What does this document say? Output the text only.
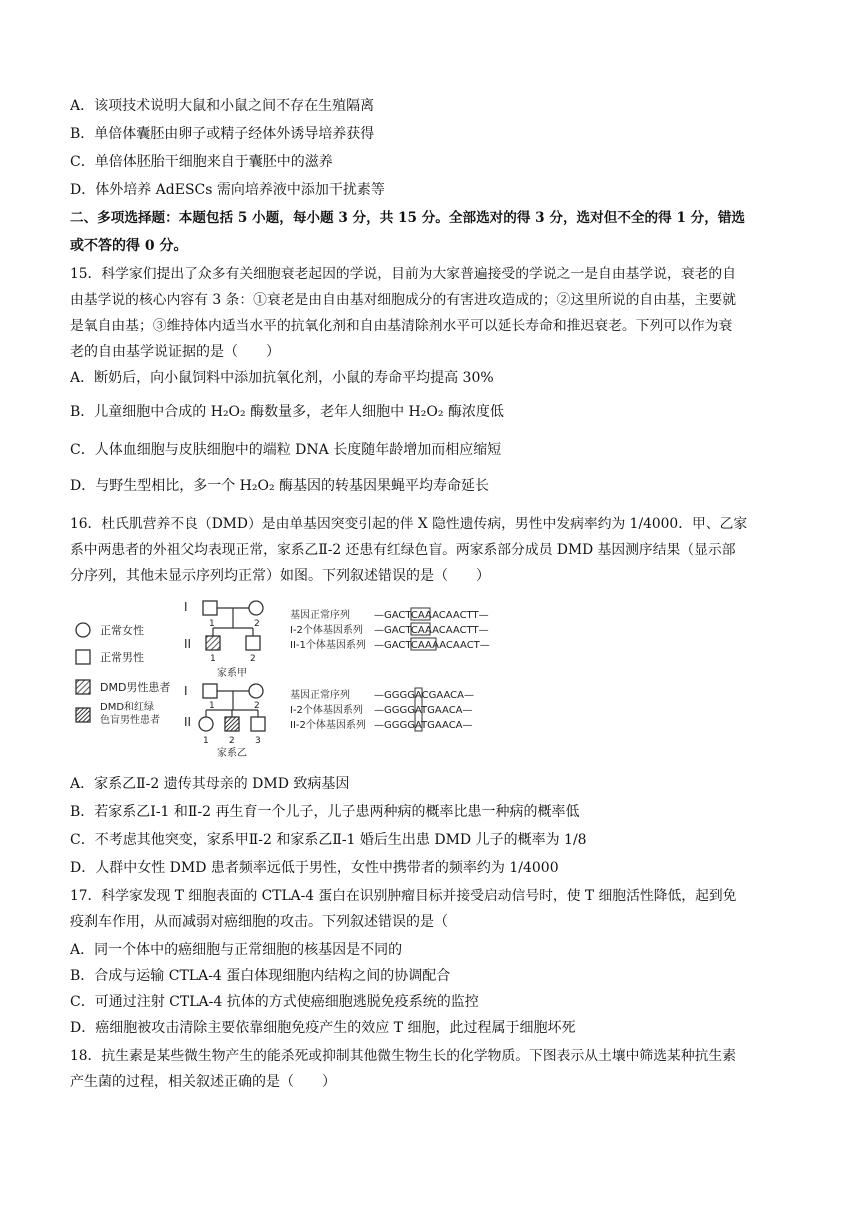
A．该项技术说明大鼠和小鼠之间不存在生殖隔离
B．单倍体囊胚由卵子或精子经体外诱导培养获得
C．单倍体胚胎干细胞来自于囊胚中的滋养
D．体外培养 AdESCs 需向培养液中添加干扰素等
二、多项选择题：本题包括 5 小题，每小题 3 分，共 15 分。全部选对的得 3 分，选对但不全的得 1 分，错选
或不答的得 0 分。
15．科学家们提出了众多有关细胞衰老起因的学说，目前为大家普遍接受的学说之一是自由基学说，衰老的自
由基学说的核心内容有 3 条：①衰老是由自由基对细胞成分的有害进攻造成的；②这里所说的自由基，主要就
是氧自由基；③维持体内适当水平的抗氧化剂和自由基清除剂水平可以延长寿命和推迟衰老。下列可以作为衰
老的自由基学说证据的是（　　）
A．断奶后，向小鼠饲料中添加抗氧化剂，小鼠的寿命平均提高 30%
B．儿童细胞中合成的 H₂O₂ 酶数量多，老年人细胞中 H₂O₂ 酶浓度低
C．人体血细胞与皮肤细胞中的端粒 DNA 长度随年龄增加而相应缩短
D．与野生型相比，多一个 H₂O₂ 酶基因的转基因果蝇平均寿命延长
16．杜氏肌营养不良（DMD）是由单基因突变引起的伴 X 隐性遗传病，男性中发病率约为 1/4000．甲、乙家
系中两患者的外祖父均表现正常，家系乙Ⅱ-2 还患有红绿色盲。两家系部分成员 DMD 基因测序结果（显示部
分序列，其他未显示序列均正常）如图。下列叙述错误的是（　　）
正常女性
正常男性
DMD男性患者
DMD和红绿
色盲男性患者
I
1	2
II
1	2
家系甲
I
1	2
II
1 2 3
家系乙
基因正常序列
I-2个体基因系列
II-1个体基因系列
—GACTCAAACAACTT—
—GACTCAAACAACTT—
—GACTCAAAACAACT—
基因正常序列
I-2个体基因系列
II-2个体基因系列
—GGGGACGAACA—
—GGGGATGAACA—
—GGGGATGAACA—
A．家系乙Ⅱ-2 遗传其母亲的 DMD 致病基因
B．若家系乙Ⅰ-1 和Ⅱ-2 再生育一个儿子，儿子患两种病的概率比患一种病的概率低
C．不考虑其他突变，家系甲Ⅱ-2 和家系乙Ⅱ-1 婚后生出患 DMD 儿子的概率为 1/8
D．人群中女性 DMD 患者频率远低于男性，女性中携带者的频率约为 1/4000
17．科学家发现 T 细胞表面的 CTLA-4 蛋白在识别肿瘤目标并接受启动信号时，使 T 细胞活性降低，起到免
疫刹车作用，从而减弱对癌细胞的攻击。下列叙述错误的是（
A．同一个体中的癌细胞与正常细胞的核基因是不同的
B．合成与运输 CTLA-4 蛋白体现细胞内结构之间的协调配合
C．可通过注射 CTLA-4 抗体的方式使癌细胞逃脱免疫系统的监控
D．癌细胞被攻击清除主要依靠细胞免疫产生的效应 T 细胞，此过程属于细胞坏死
18．抗生素是某些微生物产生的能杀死或抑制其他微生物生长的化学物质。下图表示从土壤中筛选某种抗生素
产生菌的过程，相关叙述正确的是（　　）
